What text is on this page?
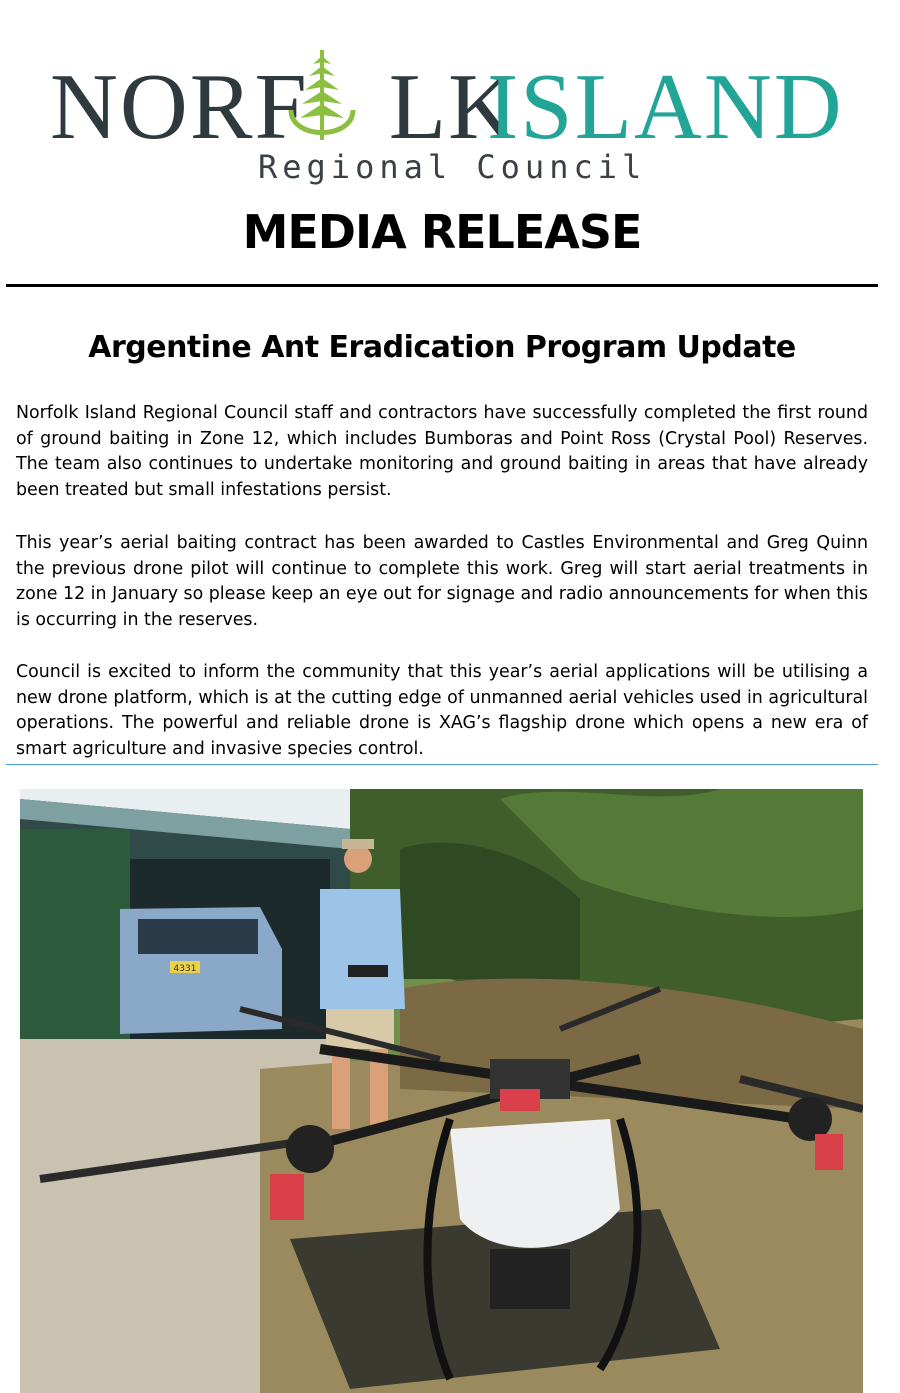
NORF LK
ISLAND
Regional Council
MEDIA RELEASE
Argentine Ant Eradication Program Update

Norfolk Island Regional Council staff and contractors have successfully completed the first round of ground baiting in Zone 12, which includes Bumboras and Point Ross (Crystal Pool) Reserves. The team also continues to undertake monitoring and ground baiting in areas that have already been treated but small infestations persist.

This year’s aerial baiting contract has been awarded to Castles Environmental and Greg Quinn the previous drone pilot will continue to complete this work. Greg will start aerial treatments in zone 12 in January so please keep an eye out for signage and radio announcements for when this is occurring in the reserves.

Council is excited to inform the community that this year’s aerial applications will be utilising a new drone platform, which is at the cutting edge of unmanned aerial vehicles used in agricultural operations. The powerful and reliable drone is XAG’s flagship drone which opens a new era of smart agriculture and invasive species control.

4331
